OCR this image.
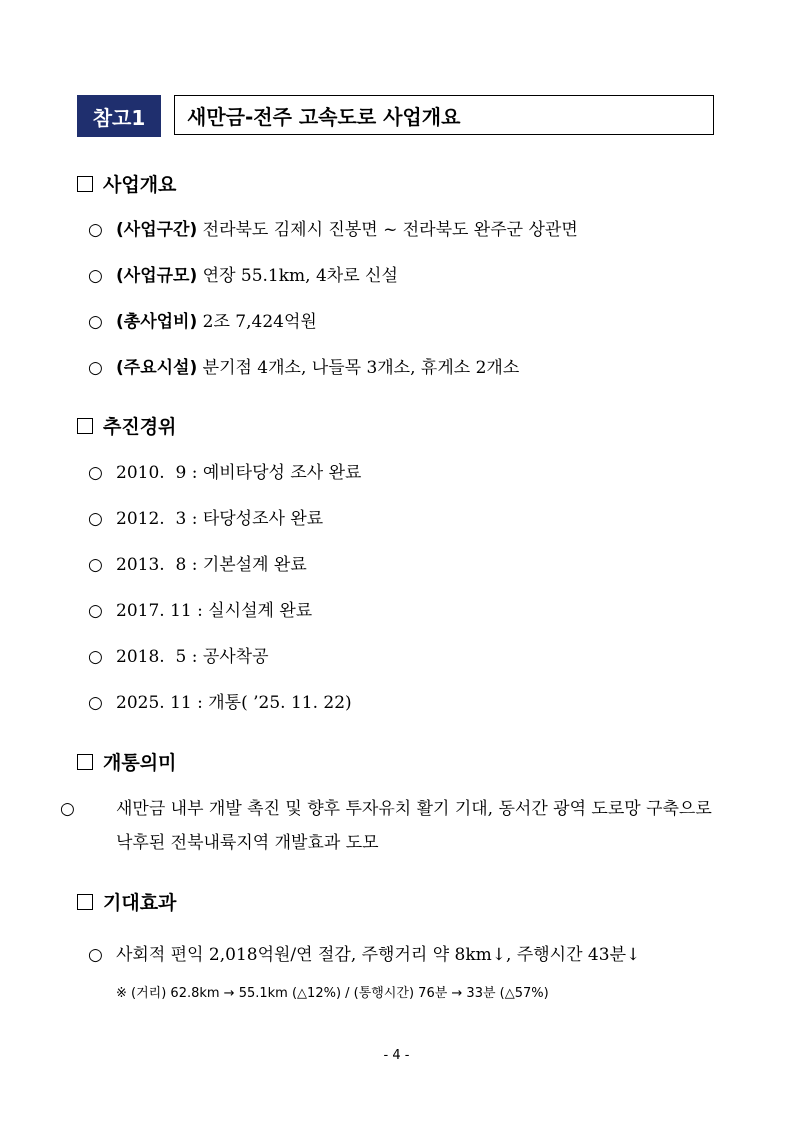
참고1	새만금-전주 고속도로 사업개요
사업개요
○ (사업구간) 전라북도 김제시 진봉면 ~ 전라북도 완주군 상관면
○ (사업규모) 연장 55.1km, 4차로 신설
○ (총사업비) 2조 7,424억원
○ (주요시설) 분기점 4개소, 나들목 3개소, 휴게소 2개소
추진경위
○ 2010.  9 : 예비타당성 조사 완료
○ 2012.  3 : 타당성조사 완료
○ 2013.  8 : 기본설계 완료
○ 2017. 11 : 실시설계 완료
○ 2018.  5 : 공사착공
○ 2025. 11 : 개통( ’25. 11. 22)
개통의미
○ 새만금 내부 개발 촉진 및 향후 투자유치 활기 기대, 동서간 광역 도로망 구축으로 낙후된 전북내륙지역 개발효과 도모
기대효과
○ 사회적 편익 2,018억원/연 절감, 주행거리 약 8km↓, 주행시간 43분↓
※ (거리) 62.8km → 55.1km (△12%) / (통행시간) 76분 → 33분 (△57%)
- 4 -
